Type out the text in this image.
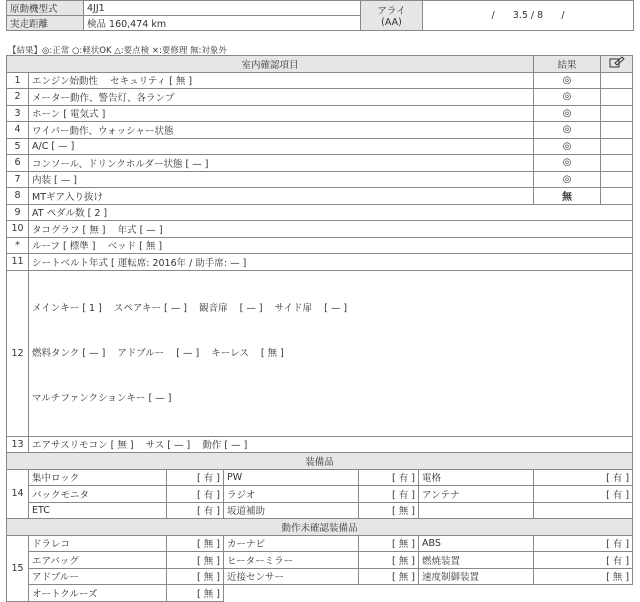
原動機型式	4JJ1	アライ
(AA)	/      3.5 / 8      /
実走距離	検品 160,474 km		
【結果】◎:正常 ○:軽状OK △:要点検 ×:要修理 無:対象外
室内確認項目						結果	
1	エンジン始動性    セキュリティ [ 無 ]					◎	
2	メーター動作、警告灯、各ランプ					◎	
3	ホーン [ 電気式 ]					◎	
4	ワイパー動作、ウォッシャー状態					◎	
5	A/C [ — ]					◎	
6	コンソール、ドリンクホルダー状態 [ — ]					◎	
7	内装 [ — ]					◎	
8	MTギア入り抜け					無	
9	AT ペダル数 [ 2 ]						
10	タコグラフ [ 無 ]    年式 [ — ]						
*	ルーフ [ 標準 ]    ベッド [ 無 ]						
11	シートベルト年式 [ 運転席: 2016年 / 助手席: — ]						
12	メインキー [ 1 ]    スペアキー [ — ]    観音扉    [ — ]    サイド扉    [ — ]

燃料タンク [ — ]    アドブルー    [ — ]    キーレス    [ 無 ]

マルチファンクションキー [ — ]						

13	エアサスリモコン [ 無 ]    サス [ — ]    動作 [ — ]						
装備品							
14	集中ロック	[ 有 ]	PW	[ 有 ]	電格	[ 有 ]	
	バックモニタ	[ 有 ]	ラジオ	[ 有 ]	アンテナ	[ 有 ]	
	ETC	[ 有 ]	坂道補助	[ 無 ]			
動作未確認装備品							
15	ドラレコ	[ 無 ]	カーナビ	[ 無 ]	ABS	[ 有 ]	
	エアバッグ	[ 無 ]	ヒーターミラー	[ 無 ]	燃焼装置	[ 有 ]	
	アドブルー	[ 無 ]	近接センサー	[ 無 ]	速度制御装置	[ 無 ]	
	オートクルーズ	[ 無 ]					
